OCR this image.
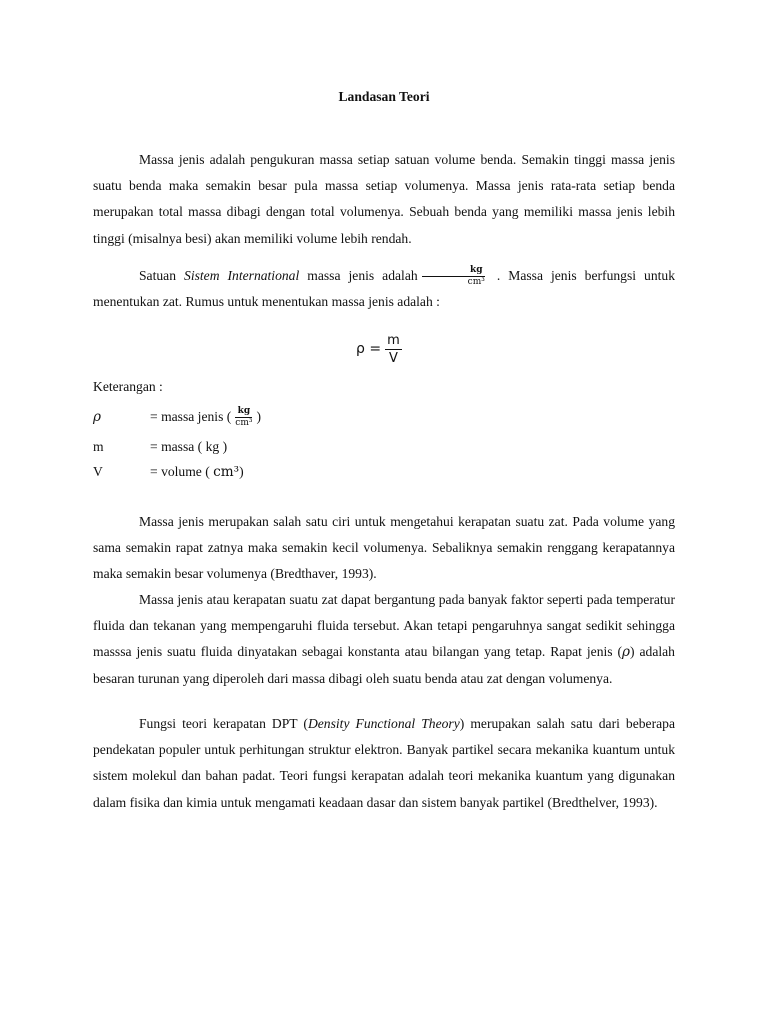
Landasan Teori

Massa jenis adalah pengukuran massa setiap satuan volume benda. Semakin tinggi massa jenis suatu benda maka semakin besar pula massa setiap volumenya. Massa jenis rata-rata setiap benda merupakan total massa dibagi dengan total volumenya. Sebuah benda yang memiliki massa jenis lebih tinggi (misalnya besi) akan memiliki volume lebih rendah.

Satuan Sistem International massa jenis adalah $\frac{kg}{\text{cm³}}$ . Massa jenis berfungsi untuk menentukan zat. Rumus untuk menentukan massa jenis adalah :

$\rho = \frac{m}{V}$
Keterangan :
ρ	= massa jenis ( $\frac{kg}{\text{cm³}}$ )
m	= massa ( kg )
V	= volume ( cm³)

Massa jenis merupakan salah satu ciri untuk mengetahui kerapatan suatu zat. Pada volume yang sama semakin rapat zatnya maka semakin kecil volumenya. Sebaliknya semakin renggang kerapatannya maka semakin besar volumenya (Bredthaver, 1993).

Massa jenis atau kerapatan suatu zat dapat bergantung pada banyak faktor seperti pada temperatur fluida dan tekanan yang mempengaruhi fluida tersebut. Akan tetapi pengaruhnya sangat sedikit sehingga masssa jenis suatu fluida dinyatakan sebagai konstanta atau bilangan yang tetap. Rapat jenis (ρ) adalah besaran turunan yang diperoleh dari massa dibagi oleh suatu benda atau zat dengan volumenya.

Fungsi teori kerapatan DPT (Density Functional Theory) merupakan salah satu dari beberapa pendekatan populer untuk perhitungan struktur elektron. Banyak partikel secara mekanika kuantum untuk sistem molekul dan bahan padat. Teori fungsi kerapatan adalah teori mekanika kuantum yang digunakan dalam fisika dan kimia untuk mengamati keadaan dasar dan sistem banyak partikel (Bredthelver, 1993).
